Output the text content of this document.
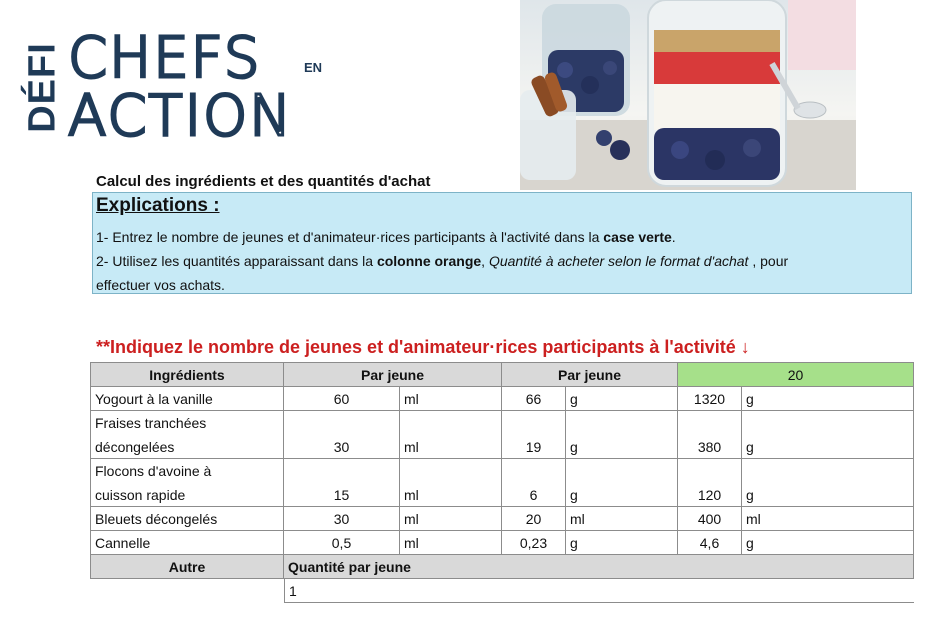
DÉFI CHEFS	EN
ACTION
Calcul des ingrédients et des quantités d'achat
Explications :
1- Entrez le nombre de jeunes et d'animateur·rices participants à l'activité dans la case verte.
2- Utilisez les quantités apparaissant dans la colonne orange, Quantité à acheter selon le format d'achat , pour
effectuer vos achats.
**Indiquez le nombre de jeunes et d'animateur·rices participants à l'activité ↓
Ingrédients	Par jeune	Par jeune	20
Yogourt à la vanille	60	ml	66	g	1320	g
Fraises tranchées
décongelées	30	ml	19	g	380	g
Flocons d'avoine à
cuisson rapide	15	ml	6	g	120	g
Bleuets décongelés	30	ml	20	ml	400	ml
Cannelle	0,5	ml	0,23	g	4,6	g
Autre	Quantité par jeune
1
